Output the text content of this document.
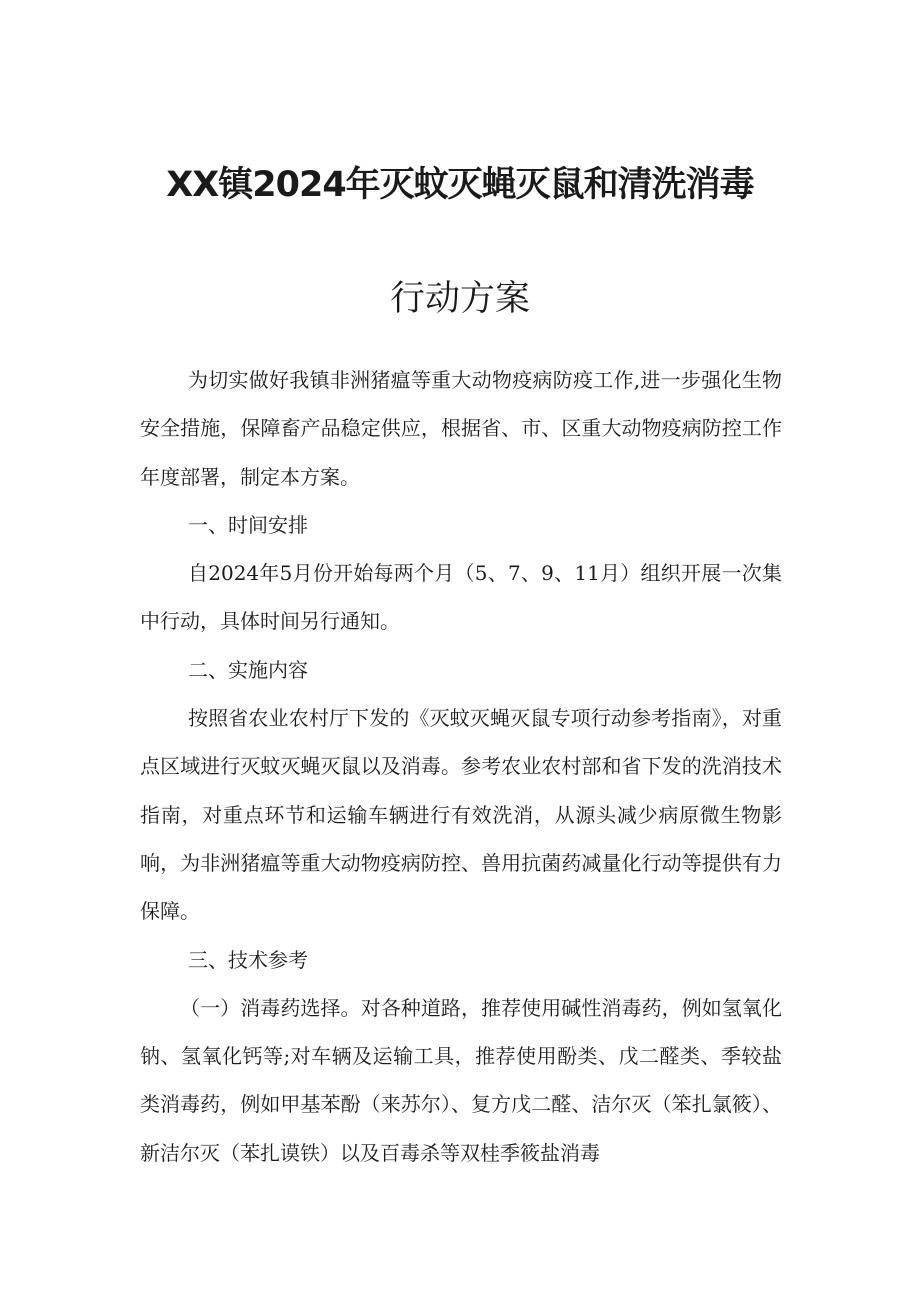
XX镇2024年灭蚊灭蝇灭鼠和清洗消毒
行动方案

为切实做好我镇非洲猪瘟等重大动物疫病防疫工作,进一步强化生物安全措施，保障畜产品稳定供应，根据省、市、区重大动物疫病防控工作年度部署，制定本方案。

一、时间安排

自2024年5月份开始每两个月（5、7、9、11月）组织开展一次集中行动，具体时间另行通知。

二、实施内容

按照省农业农村厅下发的《灭蚊灭蝇灭鼠专项行动参考指南》，对重点区域进行灭蚊灭蝇灭鼠以及消毒。参考农业农村部和省下发的洗消技术指南，对重点环节和运输车辆进行有效洗消，从源头减少病原微生物影响，为非洲猪瘟等重大动物疫病防控、兽用抗菌药减量化行动等提供有力保障。

三、技术参考

（一）消毒药选择。对各种道路，推荐使用碱性消毒药，例如氢氧化钠、氢氧化钙等;对车辆及运输工具，推荐使用酚类、戊二醛类、季较盐类消毒药，例如甲基苯酚（来苏尔）、复方戊二醛、洁尔灭（笨扎氯筱）、新洁尔灭（苯扎谟铁）以及百毒杀等双桂季筱盐消毒
